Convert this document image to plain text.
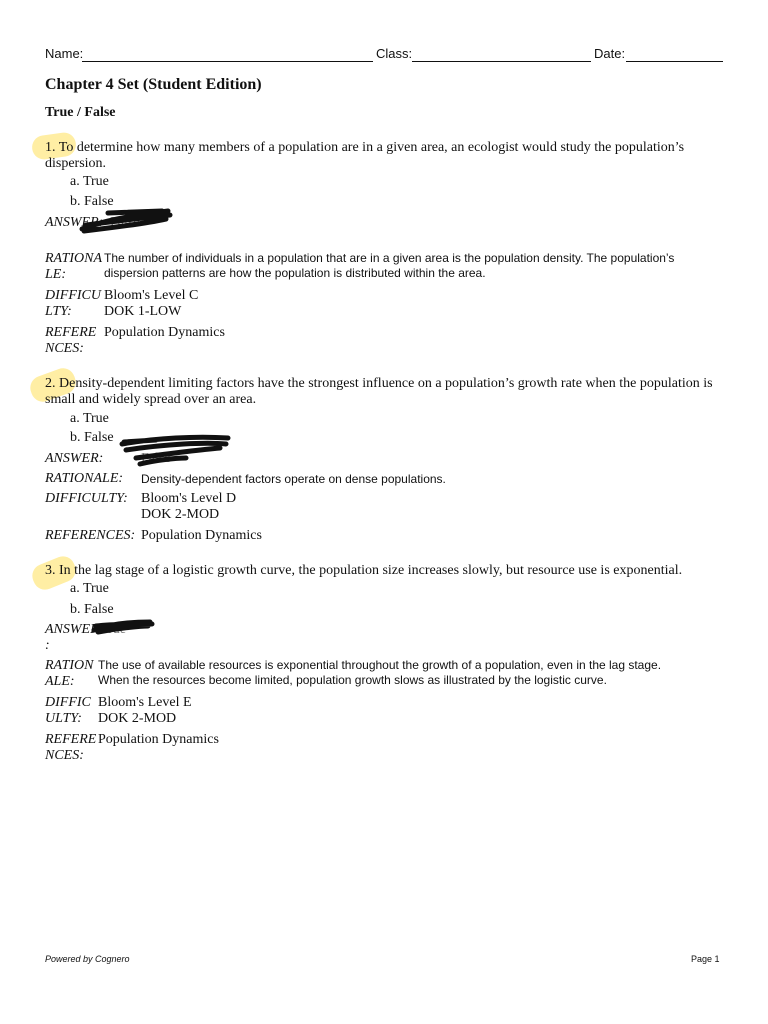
Name:	Class:	Date:
Chapter 4 Set (Student Edition)
True / False
1. To determine how many members of a population are in a given area, an ecologist would study the population’s
dispersion.
a. True
b. False
ANSWER: False
RATIONA
LE:
The number of individuals in a population that are in a given area is the population density. The population’s
dispersion patterns are how the population is distributed within the area.
DIFFICU
LTY:
Bloom's Level C
DOK 1-LOW
REFERE
NCES:
Population Dynamics
2. Density-dependent limiting factors have the strongest influence on a population’s growth rate when the population is
small and widely spread over an area.
a. True
b. False
ANSWER:	False
RATIONALE: Density-dependent factors operate on dense populations.
DIFFICULTY: Bloom's Level D
DOK 2-MOD
REFERENCES: Population Dynamics
3. In the lag stage of a logistic growth curve, the population size increases slowly, but resource use is exponential.
a. True
b. False
ANSWER
:
True
RATION
ALE:
The use of available resources is exponential throughout the growth of a population, even in the lag stage.
When the resources become limited, population growth slows as illustrated by the logistic curve.
DIFFIC
ULTY:
Bloom's Level E
DOK 2-MOD
REFERE
NCES:
Population Dynamics
Powered by Cognero	Page 1
